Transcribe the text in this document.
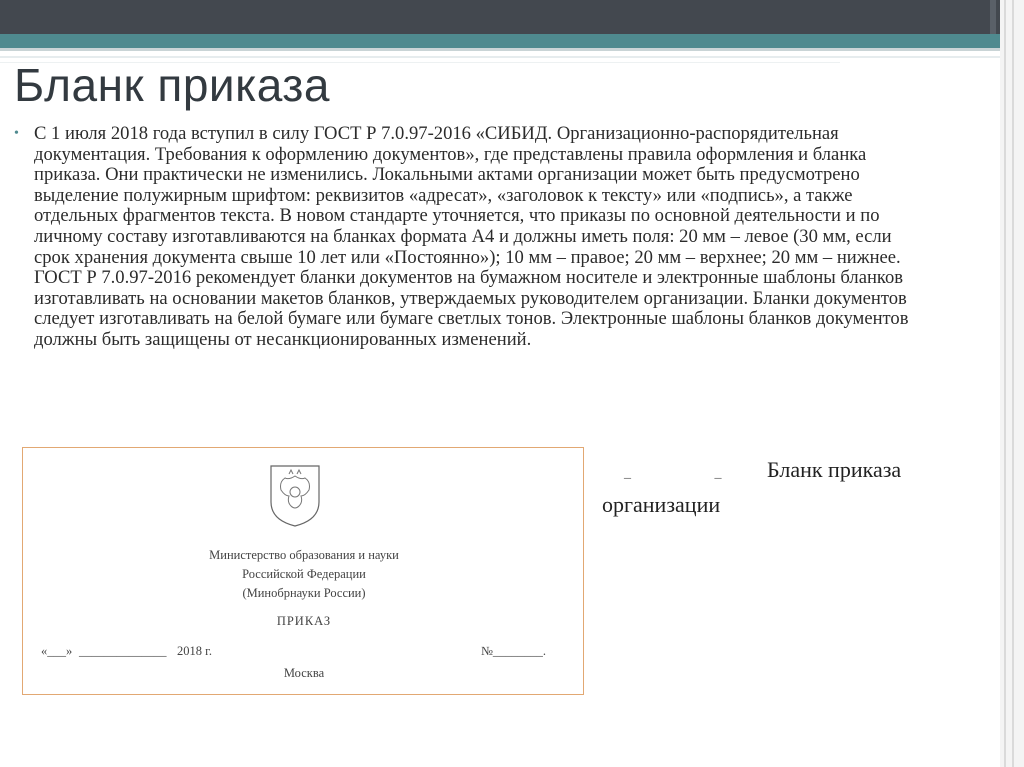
Бланк приказа
• С 1 июля 2018 года вступил в силу ГОСТ Р 7.0.97-2016 «СИБИД. Организационно-распорядительная документация. Требования к оформлению документов», где представлены правила оформления и бланка приказа. Они практически не изменились. Локальными актами организации может быть предусмотрено выделение полужирным шрифтом: реквизитов «адресат», «заголовок к тексту» или «подпись», а также отдельных фрагментов текста. В новом стандарте уточняется, что приказы по основной деятельности и по личному составу изготавливаются на бланках формата А4 и должны иметь поля: 20 мм – левое (30 мм, если срок хранения документа свыше 10 лет или «Постоянно»); 10 мм – правое; 20 мм – верхнее; 20 мм – нижнее. ГОСТ Р 7.0.97-2016 рекомендует бланки документов на бумажном носителе и электронные шаблоны бланков изготавливать на основании макетов бланков, утверждаемых руководителем организации. Бланки документов следует изготавливать на белой бумаге или бумаге светлых тонов. Электронные шаблоны бланков документов должны быть защищены от несанкционированных изменений.
Министерство образования и науки
Российской Федерации
(Минобрнауки России)
ПРИКАЗ
«___» ______________ 2018 г.	№________.
Москва
_ _ Бланк приказа
организации
